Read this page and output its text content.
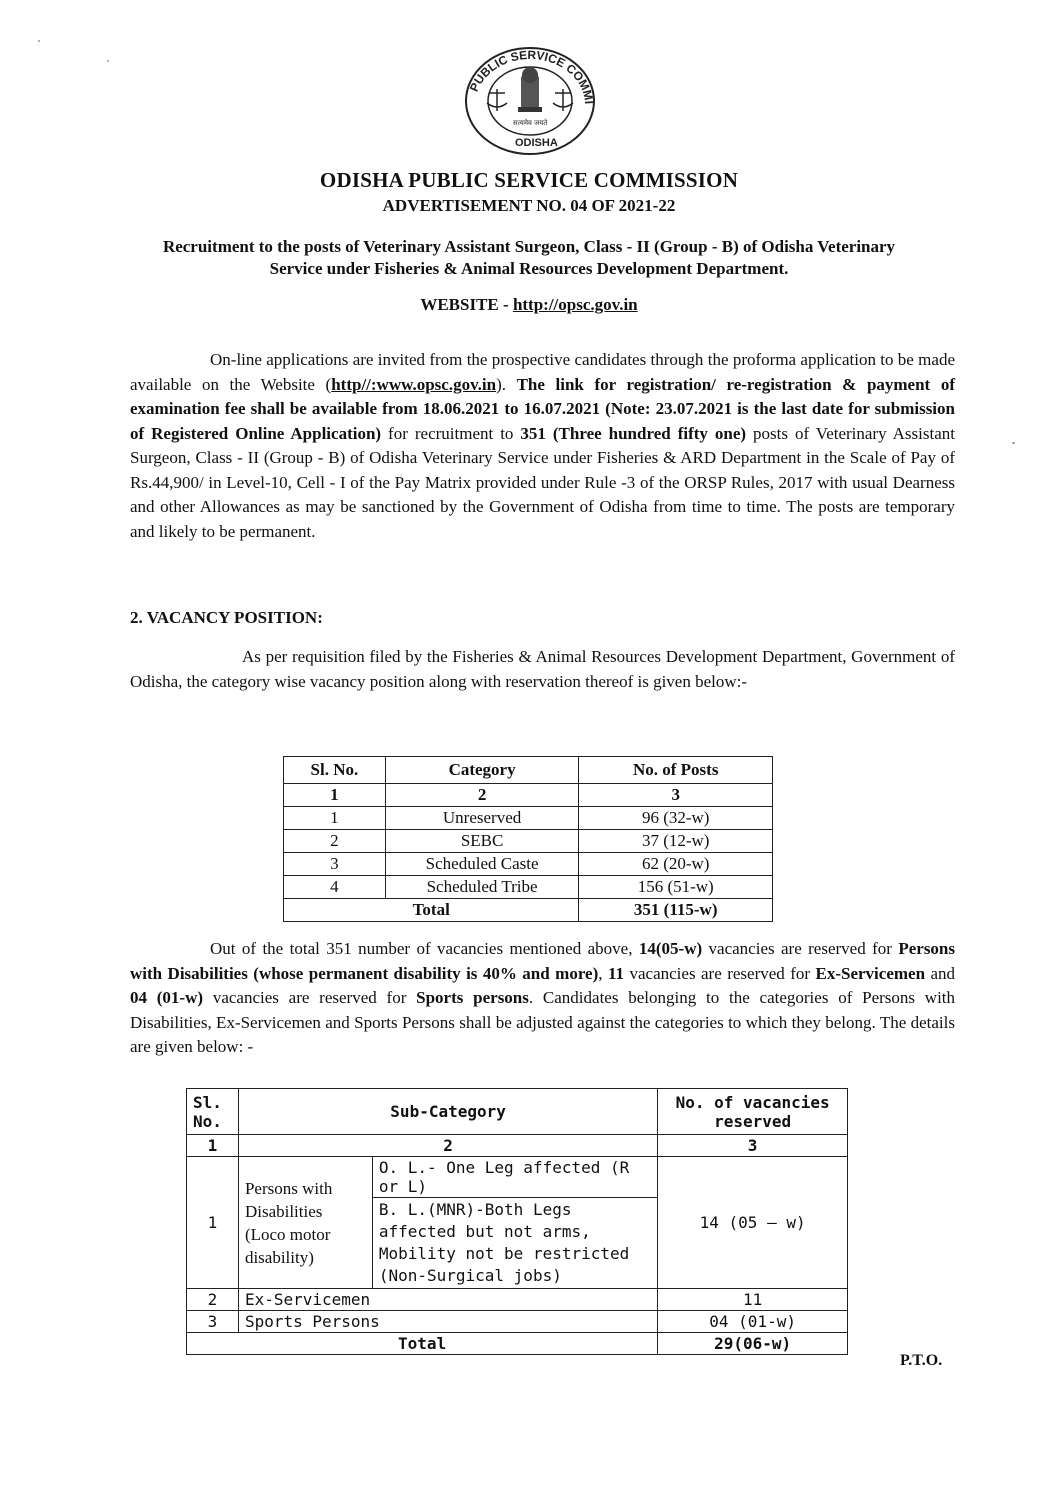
PUBLIC SERVICE COMMI
ODISHA
सत्यमेव जयते
ODISHA PUBLIC SERVICE COMMISSION
ADVERTISEMENT NO. 04 OF 2021-22
Recruitment to the posts of Veterinary Assistant Surgeon, Class - II (Group - B) of Odisha Veterinary Service under Fisheries & Animal Resources Development Department.
WEBSITE - http://opsc.gov.in
On-line applications are invited from the prospective candidates through the proforma application to be made available on the Website (http//:www.opsc.gov.in). The link for registration/ re-registration & payment of examination fee shall be available from 18.06.2021 to 16.07.2021 (Note: 23.07.2021 is the last date for submission of Registered Online Application) for recruitment to 351 (Three hundred fifty one) posts of Veterinary Assistant Surgeon, Class - II (Group - B) of Odisha Veterinary Service under Fisheries & ARD Department in the Scale of Pay of Rs.44,900/ in Level-10, Cell - I of the Pay Matrix provided under Rule -3 of the ORSP Rules, 2017 with usual Dearness and other Allowances as may be sanctioned by the Government of Odisha from time to time. The posts are temporary and likely to be permanent.
2. VACANCY POSITION:
As per requisition filed by the Fisheries & Animal Resources Development Department, Government of Odisha, the category wise vacancy position along with reservation thereof is given below:-
Sl. No.	Category	No. of Posts
1	2	3
1	Unreserved	96 (32-w)
2	SEBC	37 (12-w)
3	Scheduled Caste	62 (20-w)
4	Scheduled Tribe	156 (51-w)
Total		351 (115-w)
Out of the total 351 number of vacancies mentioned above, 14(05-w) vacancies are reserved for Persons with Disabilities (whose permanent disability is 40% and more), 11 vacancies are reserved for Ex-Servicemen and 04 (01-w) vacancies are reserved for Sports persons. Candidates belonging to the categories of Persons with Disabilities, Ex-Servicemen and Sports Persons shall be adjusted against the categories to which they belong. The details are given below: -
Sl. No.	Sub-Category		No. of vacancies reserved
1	2		3
1	Persons with Disabilities (Loco motor disability)	O. L.- One Leg affected (R or L)	14 (05 – w)
		B. L.(MNR)-Both Legs affected but not arms, Mobility not be restricted (Non-Surgical jobs)	
2	Ex-Servicemen		11
3	Sports Persons		04 (01-w)
Total			29(06-w)
P.T.O.
